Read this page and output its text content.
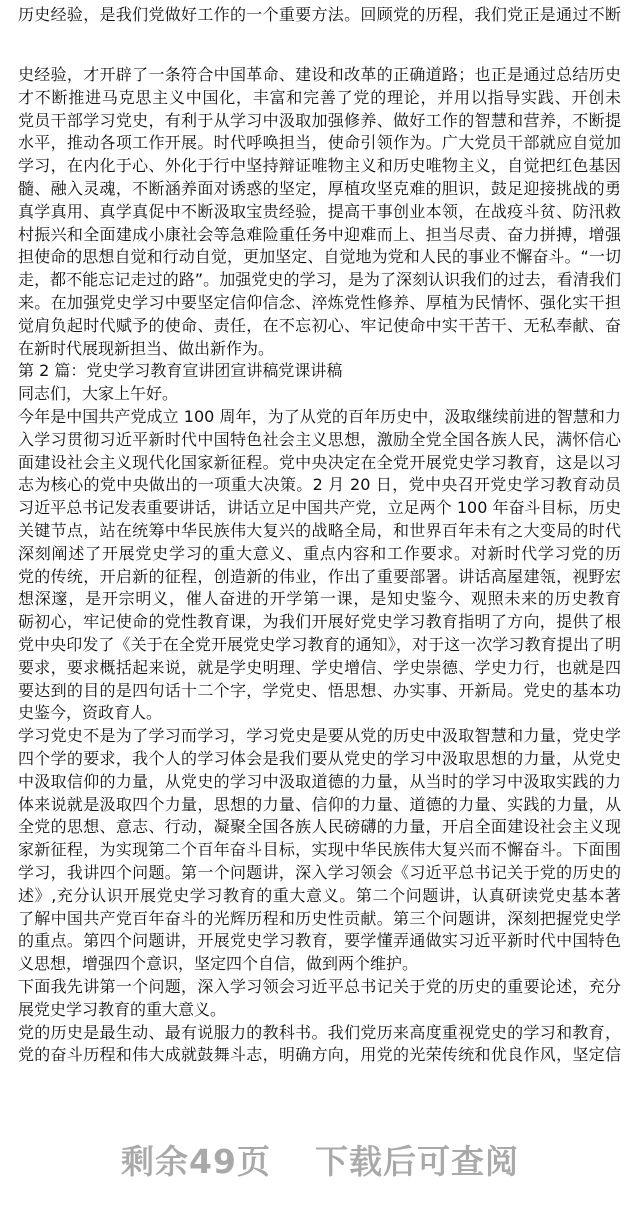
历史经验，是我们党做好工作的一个重要方法。回顾党的历程，我们党正是通过不断
史经验，才开辟了一条符合中国革命、建设和改革的正确道路；也正是通过总结历史
才不断推进马克思主义中国化，丰富和完善了党的理论，并用以指导实践、开创未
党员干部学习党史，有利于从学习中汲取加强修养、做好工作的智慧和营养，不断提
水平，推动各项工作开展。时代呼唤担当，使命引领作为。广大党员干部就应自觉加
学习，在内化于心、外化于行中坚持辩证唯物主义和历史唯物主义，自觉把红色基因
髓、融入灵魂，不断涵养面对诱惑的坚定，厚植攻坚克难的胆识，鼓足迎接挑战的勇
真学真用、真学真促中不断汲取宝贵经验，提高干事创业本领，在战疫斗贫、防汛救
村振兴和全面建成小康社会等急难险重任务中迎难而上、担当尽责、奋力拼搏，增强
担使命的思想自觉和行动自觉，更加坚定、自觉地为党和人民的事业不懈奋斗。“一切
走，都不能忘记走过的路”。加强党史的学习，是为了深刻认识我们的过去，看清我们
来。在加强党史学习中要坚定信仰信念、淬炼党性修养、厚植为民情怀、强化实干担
觉肩负起时代赋予的使命、责任，在不忘初心、牢记使命中实干苦干、无私奉献、奋
在新时代展现新担当、做出新作为。
第 2 篇：党史学习教育宣讲团宣讲稿党课讲稿
同志们，大家上午好。
今年是中国共产党成立 100 周年，为了从党的百年历史中，汲取继续前进的智慧和力
入学习贯彻习近平新时代中国特色社会主义思想，激励全党全国各族人民，满怀信心
面建设社会主义现代化国家新征程。党中央决定在全党开展党史学习教育，这是以习
志为核心的党中央做出的一项重大决策。2 月 20 日，党中央召开党史学习教育动员
习近平总书记发表重要讲话，讲话立足中国共产党，立足两个 100 年奋斗目标，历史
关键节点，站在统筹中华民族伟大复兴的战略全局，和世界百年未有之大变局的时代
深刻阐述了开展党史学习的重大意义、重点内容和工作要求。对新时代学习党的历
党的传统，开启新的征程，创造新的伟业，作出了重要部署。讲话高屋建瓴，视野宏
想深邃，是开宗明义，催人奋进的开学第一课，是知史鉴今、观照未来的历史教育
砺初心，牢记使命的党性教育课，为我们开展好党史学习教育指明了方向，提供了根
党中央印发了《关于在全党开展党史学习教育的通知》，对于这一次学习教育提出了明
要求，要求概括起来说，就是学史明理、学史增信、学史崇德、学史力行，也就是四
要达到的目的是四句话十二个字，学党史、悟思想、办实事、开新局。党史的基本功
史鉴今，资政育人。
学习党史不是为了学习而学习，学习党史是要从党的历史中汲取智慧和力量，党史学
四个学的要求，我个人的学习体会是我们要从党史的学习中汲取思想的力量，从党史
中汲取信仰的力量，从党史的学习中汲取道德的力量，从当时的学习中汲取实践的力
体来说就是汲取四个力量，思想的力量、信仰的力量、道德的力量、实践的力量，从
全党的思想、意志、行动，凝聚全国各族人民磅礴的力量，开启全面建设社会主义现
家新征程，为实现第二个百年奋斗目标，实现中华民族伟大复兴而不懈奋斗。下面围
学习，我讲四个问题。第一个问题讲，深入学习领会《习近平总书记关于党的历史的
述》,充分认识开展党史学习教育的重大意义。第二个问题讲，认真研读党史基本著
了解中国共产党百年奋斗的光辉历程和历史性贡献。第三个问题讲，深刻把握党史学
的重点。第四个问题讲，开展党史学习教育，要学懂弄通做实习近平新时代中国特色
义思想，增强四个意识，坚定四个自信，做到两个维护。
下面我先讲第一个问题，深入学习领会习近平总书记关于党的历史的重要论述，充分
展党史学习教育的重大意义。
党的历史是最生动、最有说服力的教科书。我们党历来高度重视党史的学习和教育，
党的奋斗历程和伟大成就鼓舞斗志，明确方向，用党的光荣传统和优良作风，坚定信
剩余49页 下载后可查阅
